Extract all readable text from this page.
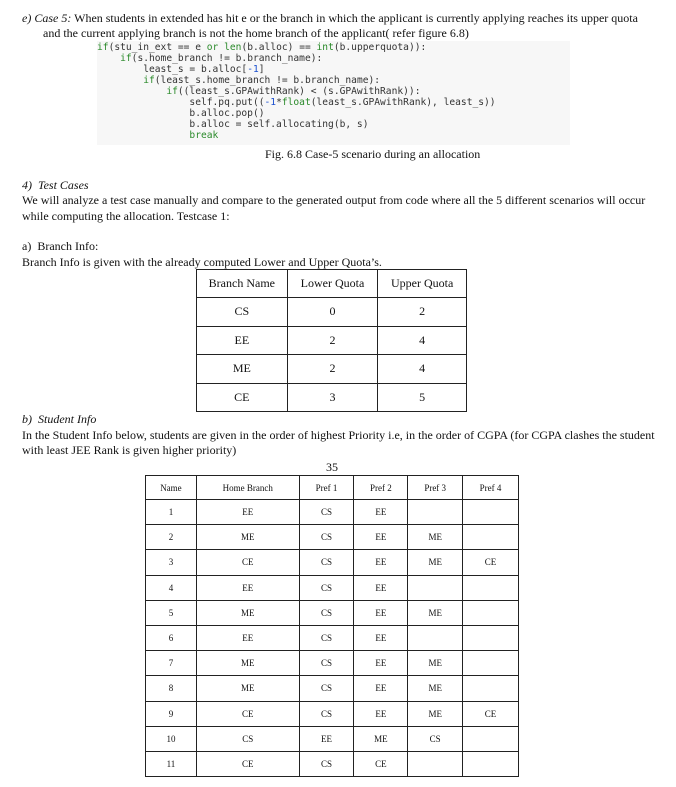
e) Case 5: When students in extended has hit e or the branch in which the applicant is currently applying reaches its upper quota
and the current applying branch is not the home branch of the applicant( refer figure 6.8)
if(stu_in_ext == e or len(b.alloc) == int(b.upperquota)):
if(s.home_branch != b.branch_name):
least_s = b.alloc[-1]
if(least_s.home_branch != b.branch_name):
if((least_s.GPAwithRank) < (s.GPAwithRank)):
self.pq.put((-1*float(least_s.GPAwithRank), least_s))
b.alloc.pop()
b.alloc = self.allocating(b, s)
break
Fig. 6.8 Case-5 scenario during an allocation
4) Test Cases
We will analyze a test case manually and compare to the generated output from code where all the 5 different scenarios will occur
while computing the allocation. Testcase 1:
a) Branch Info:
Branch Info is given with the already computed Lower and Upper Quota’s.
Branch Name	Lower Quota	Upper Quota
CS	0	2
EE	2	4
ME	2	4
CE	3	5
b) Student Info
In the Student Info below, students are given in the order of highest Priority i.e, in the order of CGPA (for CGPA clashes the student
with least JEE Rank is given higher priority)
35
Name	Home Branch	Pref 1	Pref 2	Pref 3	Pref 4
1	EE	CS	EE		
2	ME	CS	EE	ME	
3	CE	CS	EE	ME	CE
4	EE	CS	EE		
5	ME	CS	EE	ME	
6	EE	CS	EE		
7	ME	CS	EE	ME	
8	ME	CS	EE	ME	
9	CE	CS	EE	ME	CE
10	CS	EE	ME	CS	
11	CE	CS	CE		
